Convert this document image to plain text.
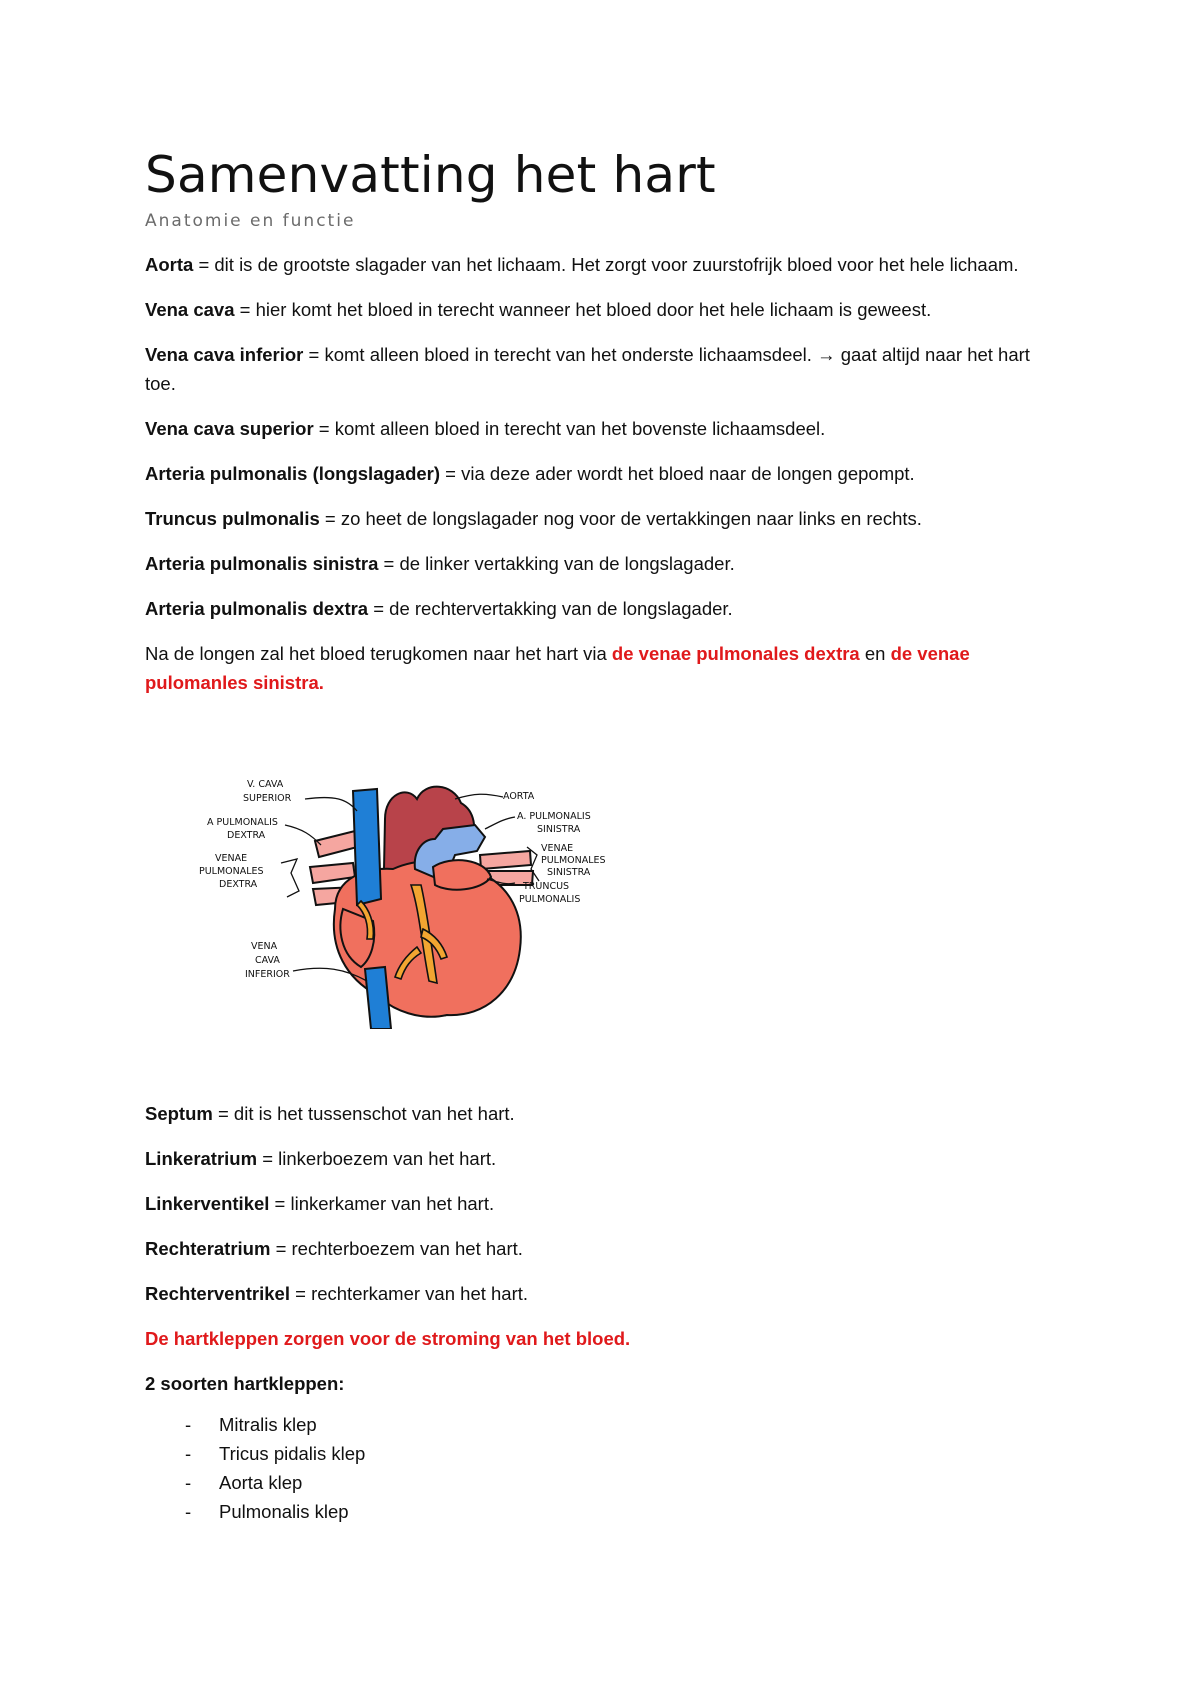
Samenvatting het hart
Anatomie en functie

Aorta = dit is de grootste slagader van het lichaam. Het zorgt voor zuurstofrijk bloed voor het hele lichaam.

Vena cava = hier komt het bloed in terecht wanneer het bloed door het hele lichaam is geweest.

Vena cava inferior = komt alleen bloed in terecht van het onderste lichaamsdeel. → gaat altijd naar het hart toe.

Vena cava superior = komt alleen bloed in terecht van het bovenste lichaamsdeel.

Arteria pulmonalis (longslagader) = via deze ader wordt het bloed naar de longen gepompt.

Truncus pulmonalis = zo heet de longslagader nog voor de vertakkingen naar links en rechts.

Arteria pulmonalis sinistra = de linker vertakking van de longslagader.

Arteria pulmonalis dextra = de rechtervertakking van de longslagader.

Na de longen zal het bloed terugkomen naar het hart via de venae pulmonales dextra en de venae pulomanles sinistra.

V. CAVA
SUPERIOR
A PULMONALIS
DEXTRA
VENAE
PULMONALES
DEXTRA
VENA
CAVA
INFERIOR
AORTA
A. PULMONALIS
SINISTRA
VENAE
PULMONALES
SINISTRA
TRUNCUS
PULMONALIS

Septum = dit is het tussenschot van het hart.

Linkeratrium = linkerboezem van het hart.

Linkerventikel = linkerkamer van het hart.

Rechteratrium = rechterboezem van het hart.

Rechterventrikel = rechterkamer van het hart.

De hartkleppen zorgen voor de stroming van het bloed.

2 soorten hartkleppen:

- Mitralis klep
- Tricus pidalis klep
- Aorta klep
- Pulmonalis klep
